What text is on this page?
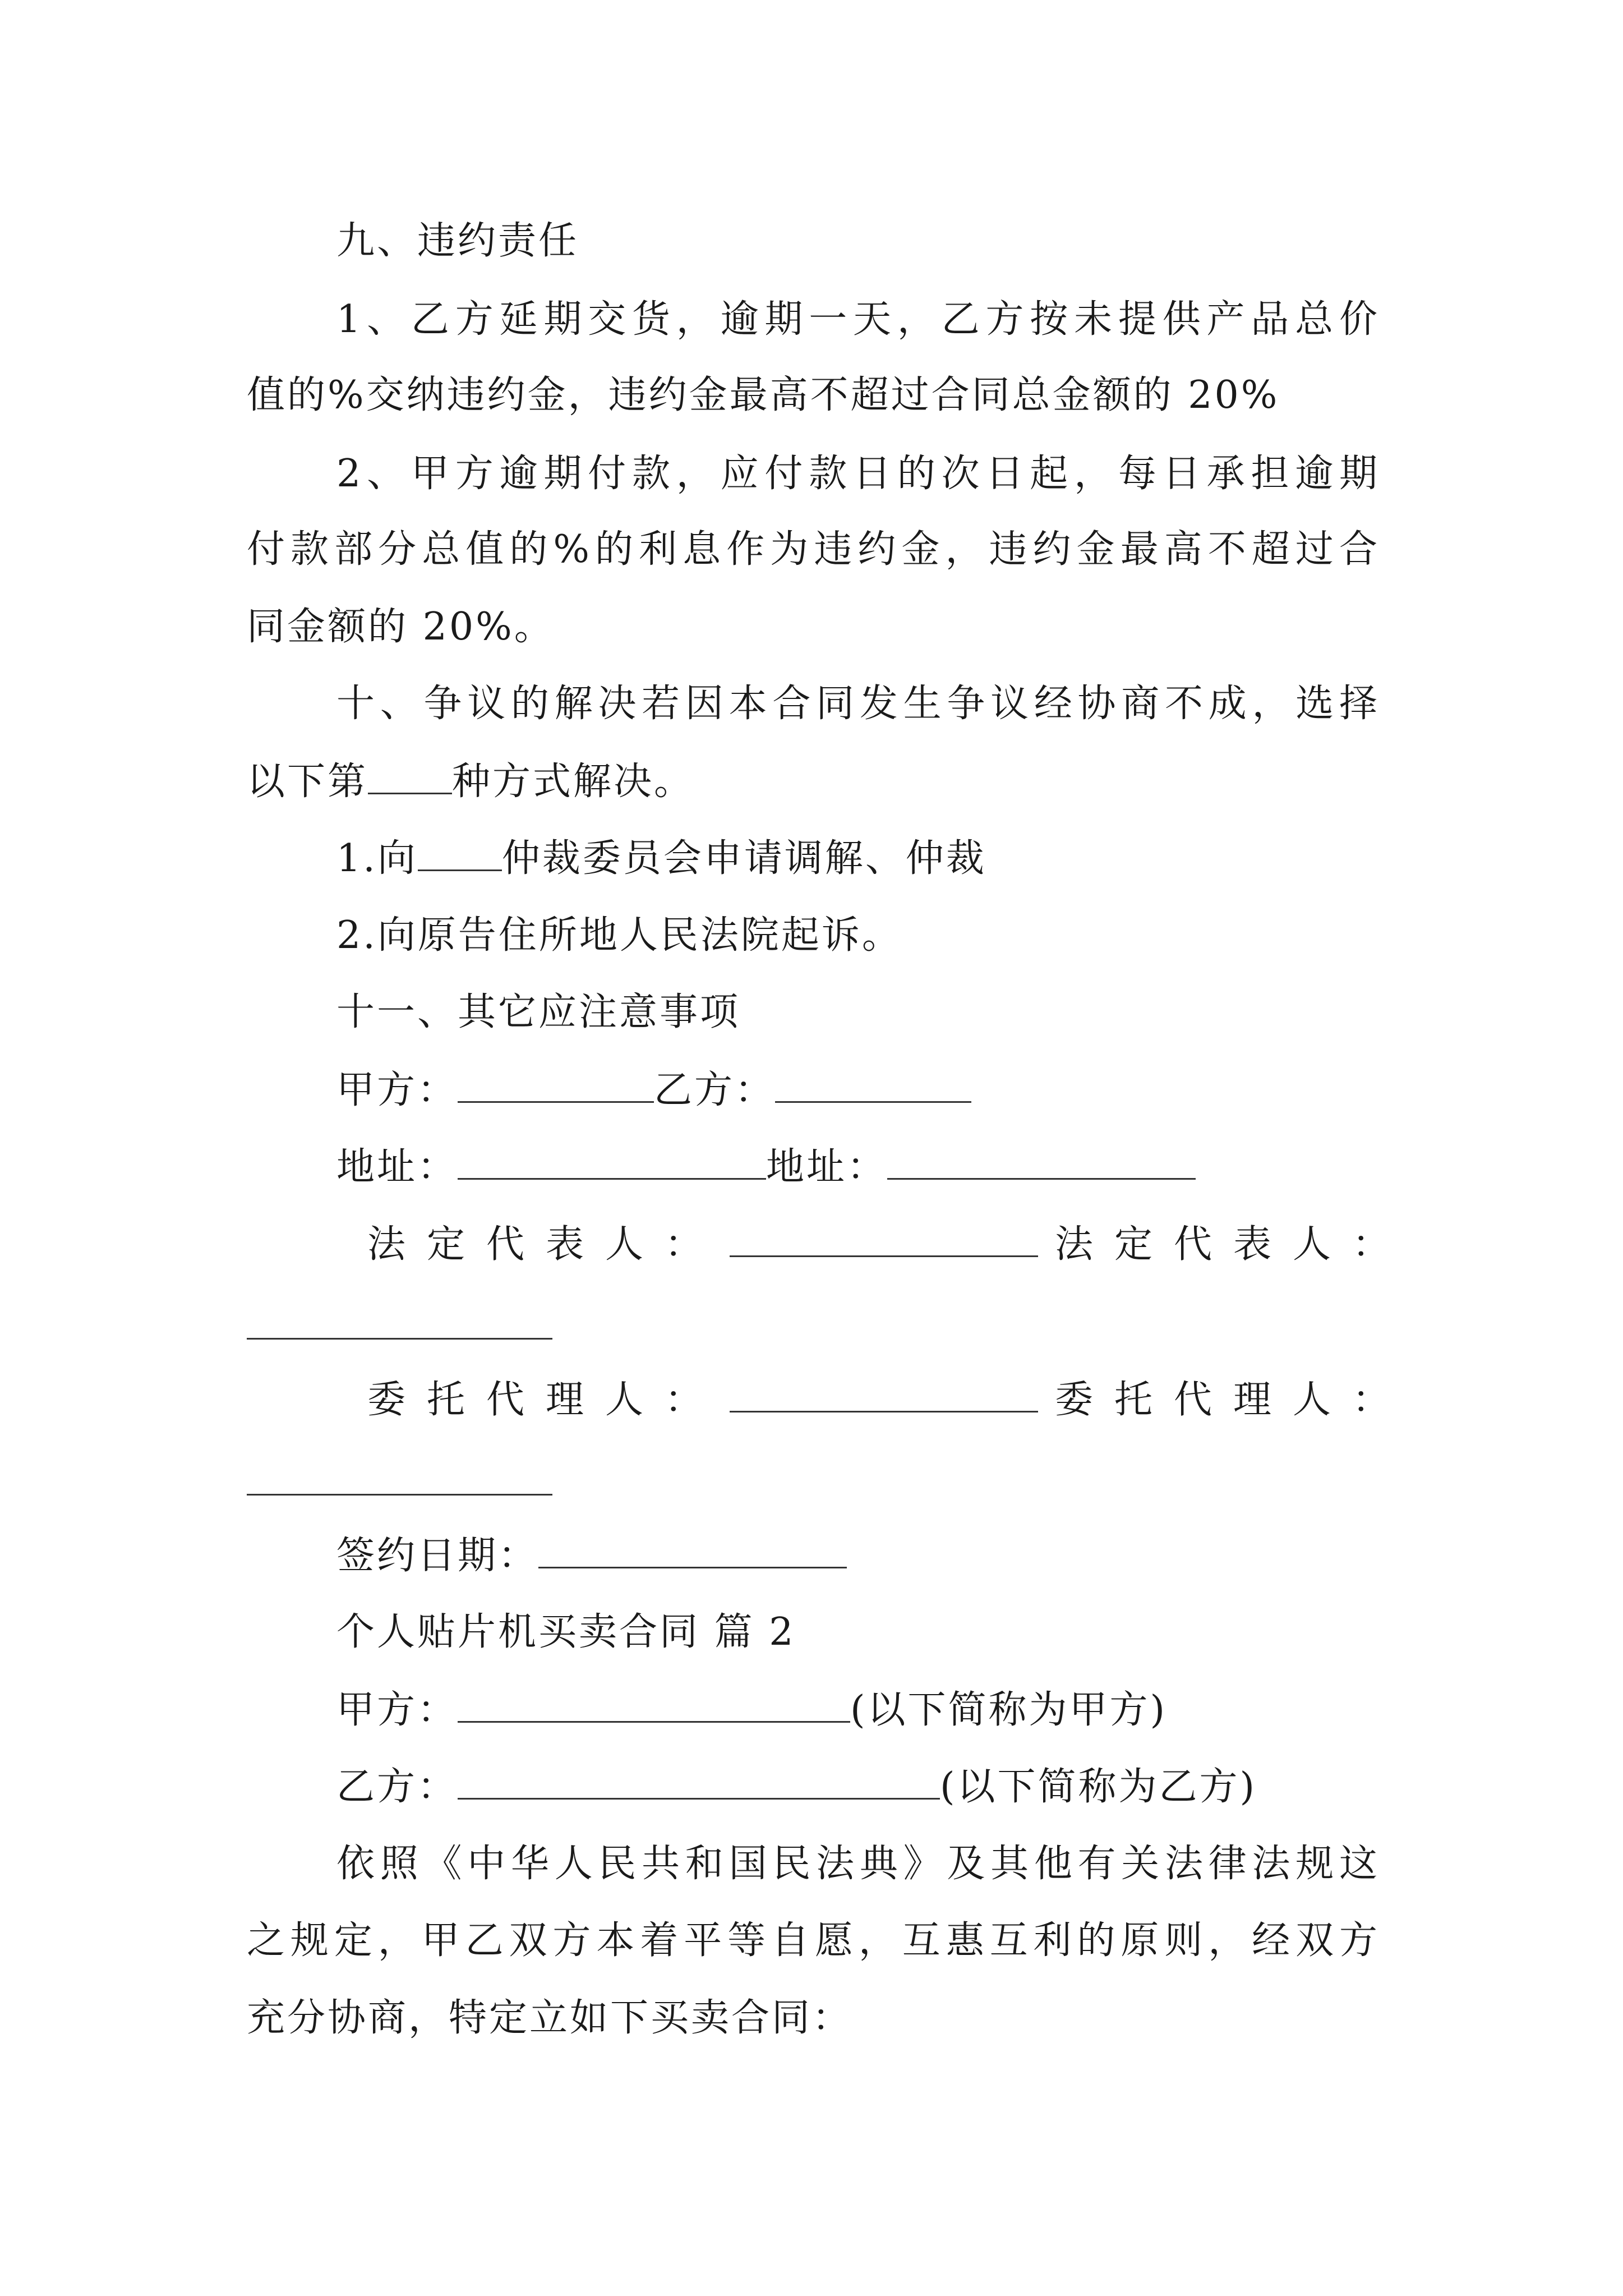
九、违约责任
1、乙方延期交货，逾期一天，乙方按未提供产品总价
值的%交纳违约金，违约金最高不超过合同总金额的 20%
2、甲方逾期付款，应付款日的次日起，每日承担逾期
付款部分总值的%的利息作为违约金，违约金最高不超过合
同金额的 20%。
十、争议的解决若因本合同发生争议经协商不成，选择
以下第 种方式解决。
1.向 仲裁委员会申请调解、仲裁
2.向原告住所地人民法院起诉。
十一、其它应注意事项
甲方：	乙方：
地址：	地址：
法定代表人：	法定代表人：
委托代理人：	委托代理人：
签约日期：
个人贴片机买卖合同 篇 2
甲方：	(以下简称为甲方)
乙方：	(以下简称为乙方)
依照《中华人民共和国民法典》及其他有关法律法规这
之规定，甲乙双方本着平等自愿，互惠互利的原则，经双方
充分协商，特定立如下买卖合同：
